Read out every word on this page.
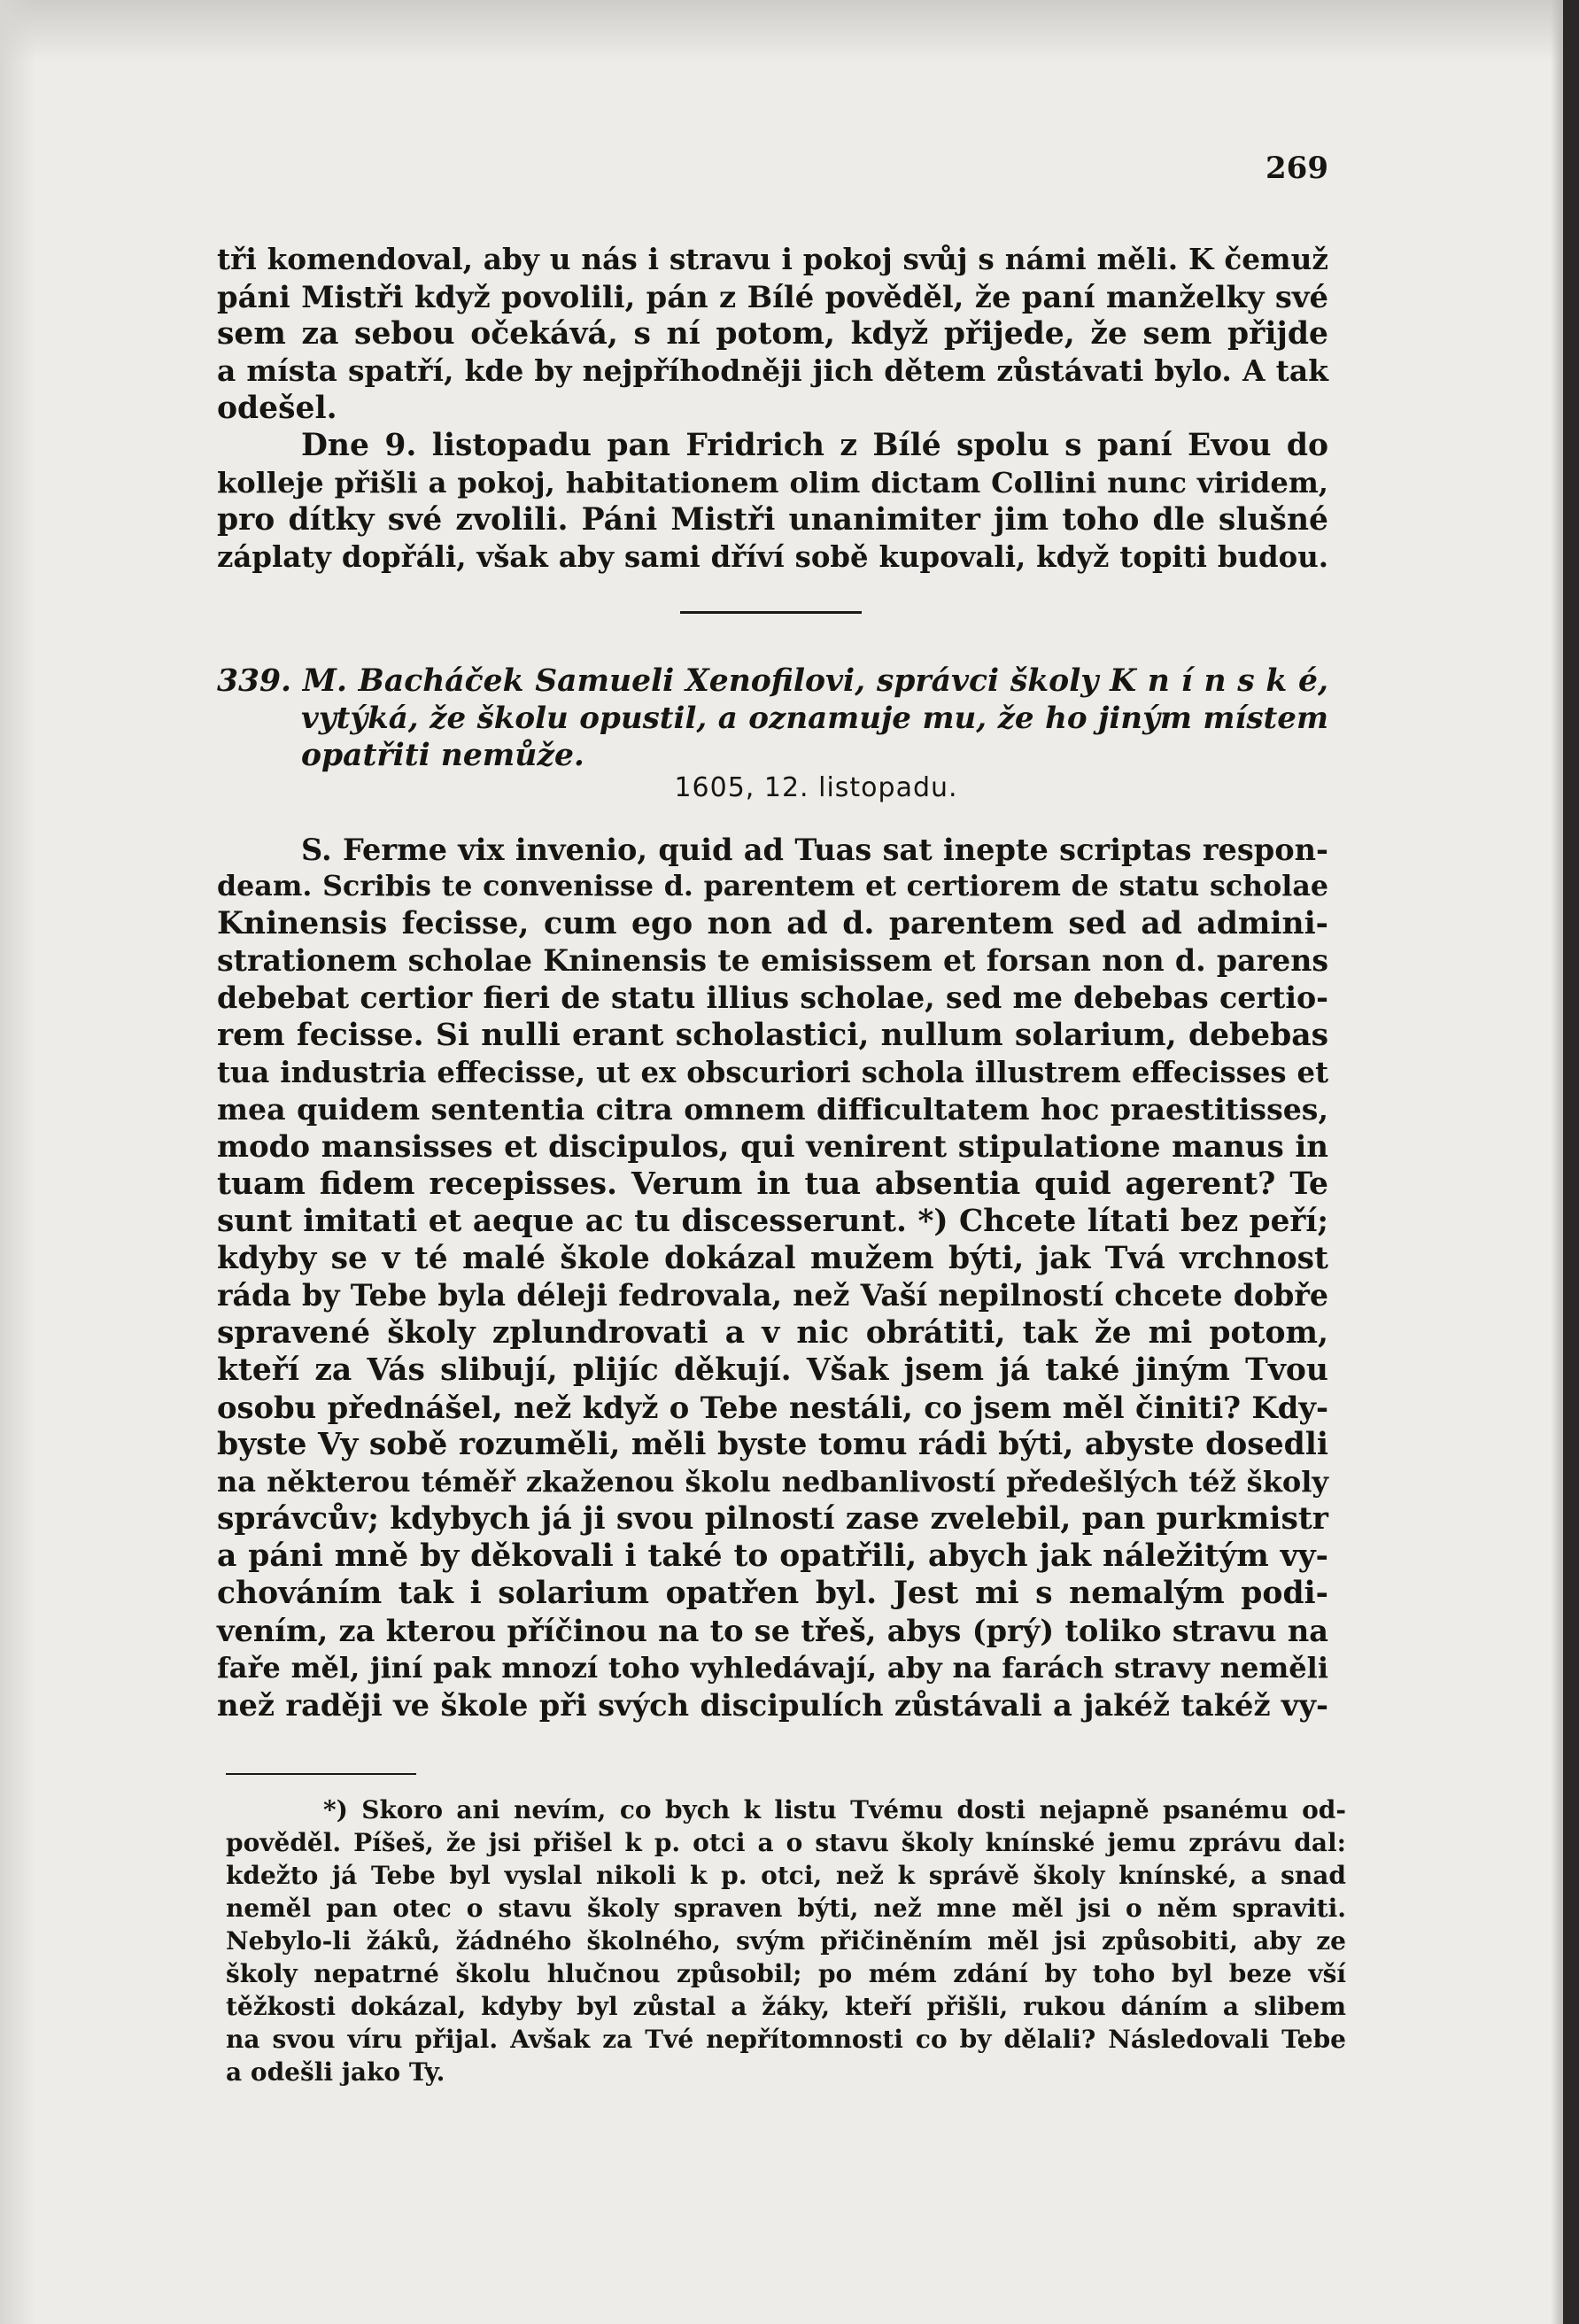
269
tři komendoval, aby u nás i stravu i pokoj svůj s námi měli. K čemuž
páni Mistři když povolili, pán z Bílé pověděl, že paní manželky své
sem za sebou očekává, s ní potom, když přijede, že sem přijde
a místa spatří, kde by nejpříhodněji jich dětem zůstávati bylo. A tak
odešel.
Dne 9. listopadu pan Fridrich z Bílé spolu s paní Evou do
kolleje přišli a pokoj, habitationem olim dictam Collini nunc viridem,
pro dítky své zvolili. Páni Mistři unanimiter jim toho dle slušné
záplaty dopřáli, však aby sami dříví sobě kupovali, když topiti budou.
339. M. Bacháček Samueli Xenofilovi, správci školy K n í n s k é,
vytýká, že školu opustil, a oznamuje mu, že ho jiným místem
opatřiti nemůže.
1605, 12. listopadu.
S. Ferme vix invenio, quid ad Tuas sat inepte scriptas respon-
deam. Scribis te convenisse d. parentem et certiorem de statu scholae
Kninensis fecisse, cum ego non ad d. parentem sed ad admini-
strationem scholae Kninensis te emisissem et forsan non d. parens
debebat certior fieri de statu illius scholae, sed me debebas certio-
rem fecisse. Si nulli erant scholastici, nullum solarium, debebas
tua industria effecisse, ut ex obscuriori schola illustrem effecisses et
mea quidem sententia citra omnem difficultatem hoc praestitisses,
modo mansisses et discipulos, qui venirent stipulatione manus in
tuam fidem recepisses. Verum in tua absentia quid agerent? Te
sunt imitati et aeque ac tu discesserunt. *) Chcete lítati bez peří;
kdyby se v té malé škole dokázal mužem býti, jak Tvá vrchnost
ráda by Tebe byla déleji fedrovala, než Vaší nepilností chcete dobře
spravené školy zplundrovati a v nic obrátiti, tak že mi potom,
kteří za Vás slibují, plijíc děkují. Však jsem já také jiným Tvou
osobu přednášel, než když o Tebe nestáli, co jsem měl činiti? Kdy-
byste Vy sobě rozuměli, měli byste tomu rádi býti, abyste dosedli
na některou téměř zkaženou školu nedbanlivostí předešlých též školy
správcův; kdybych já ji svou pilností zase zvelebil, pan purkmistr
a páni mně by děkovali i také to opatřili, abych jak náležitým vy-
chováním tak i solarium opatřen byl. Jest mi s nemalým podi-
vením, za kterou příčinou na to se třeš, abys (prý) toliko stravu na
faře měl, jiní pak mnozí toho vyhledávají, aby na farách stravy neměli
než raději ve škole při svých discipulích zůstávali a jakéž takéž vy-
*) Skoro ani nevím, co bych k listu Tvému dosti nejapně psanému od-
pověděl. Píšeš, že jsi přišel k p. otci a o stavu školy knínské jemu zprávu dal:
kdežto já Tebe byl vyslal nikoli k p. otci, než k správě školy knínské, a snad
neměl pan otec o stavu školy spraven býti, než mne měl jsi o něm spraviti.
Nebylo-li žáků, žádného školného, svým přičiněním měl jsi způsobiti, aby ze
školy nepatrné školu hlučnou způsobil; po mém zdání by toho byl beze vší
těžkosti dokázal, kdyby byl zůstal a žáky, kteří přišli, rukou dáním a slibem
na svou víru přijal. Avšak za Tvé nepřítomnosti co by dělali? Následovali Tebe
a odešli jako Ty.
